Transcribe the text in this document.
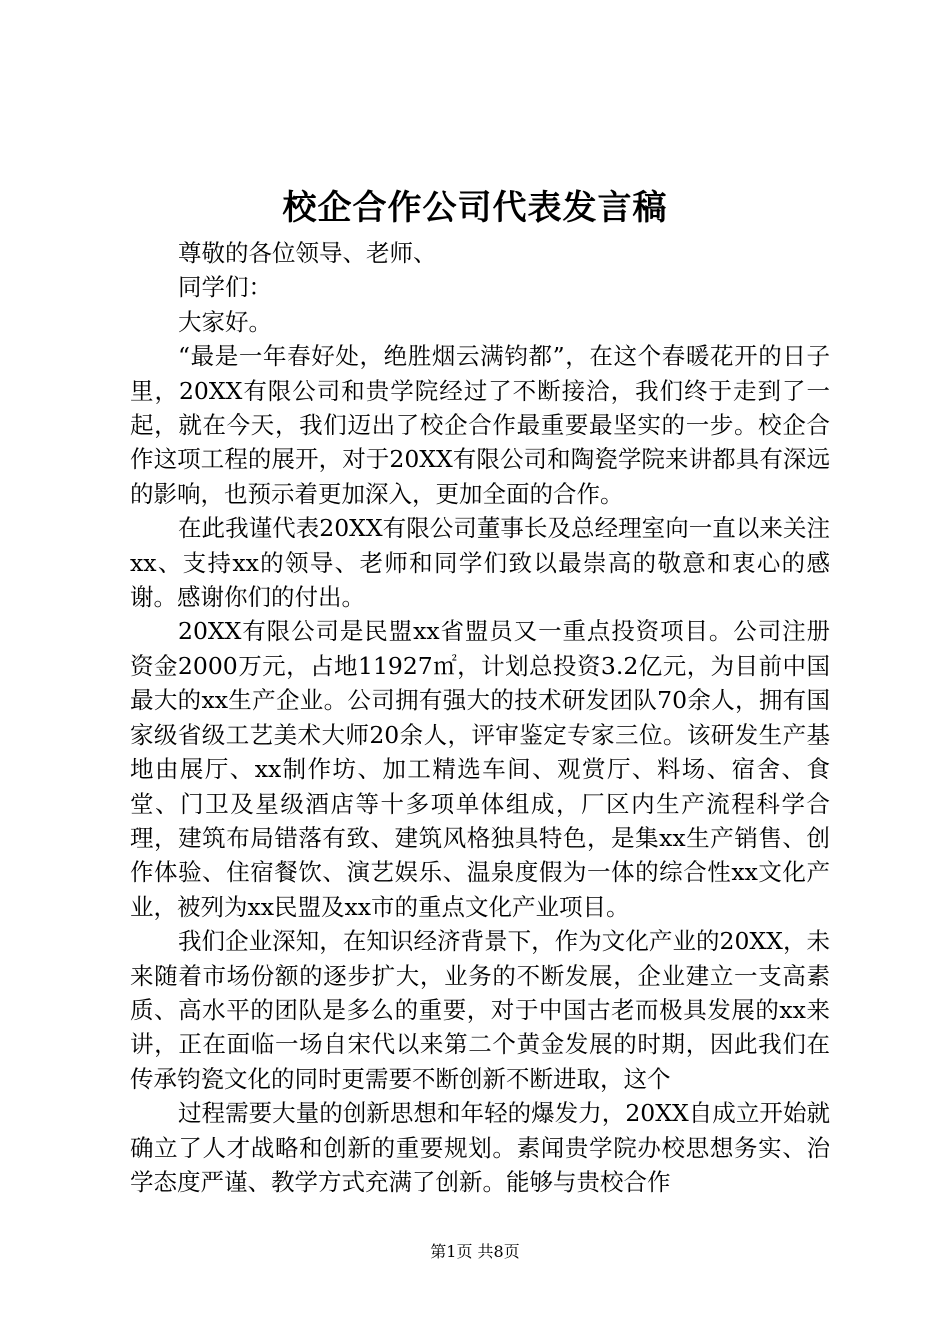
校企合作公司代表发言稿

尊敬的各位领导、老师、

同学们：

大家好。

“最是一年春好处，绝胜烟云满钧都”，在这个春暖花开的日子里，20XX有限公司和贵学院经过了不断接洽，我们终于走到了一起，就在今天，我们迈出了校企合作最重要最坚实的一步。校企合作这项工程的展开，对于20XX有限公司和陶瓷学院来讲都具有深远的影响，也预示着更加深入，更加全面的合作。

在此我谨代表20XX有限公司董事长及总经理室向一直以来关注xx、支持xx的领导、老师和同学们致以最崇高的敬意和衷心的感谢。感谢你们的付出。

20XX有限公司是民盟xx省盟员又一重点投资项目。公司注册资金2000万元，占地11927㎡，计划总投资3.2亿元，为目前中国最大的xx生产企业。公司拥有强大的技术研发团队70余人，拥有国家级省级工艺美术大师20余人，评审鉴定专家三位。该研发生产基地由展厅、xx制作坊、加工精选车间、观赏厅、料场、宿舍、食堂、门卫及星级酒店等十多项单体组成，厂区内生产流程科学合理，建筑布局错落有致、建筑风格独具特色，是集xx生产销售、创作体验、住宿餐饮、演艺娱乐、温泉度假为一体的综合性xx文化产业，被列为xx民盟及xx市的重点文化产业项目。

我们企业深知，在知识经济背景下，作为文化产业的20XX，未来随着市场份额的逐步扩大，业务的不断发展，企业建立一支高素质、高水平的团队是多么的重要，对于中国古老而极具发展的xx来讲，正在面临一场自宋代以来第二个黄金发展的时期，因此我们在传承钧瓷文化的同时更需要不断创新不断进取，这个

过程需要大量的创新思想和年轻的爆发力，20XX自成立开始就确立了人才战略和创新的重要规划。素闻贵学院办校思想务实、治学态度严谨、教学方式充满了创新。能够与贵校合作

第1页 共8页
